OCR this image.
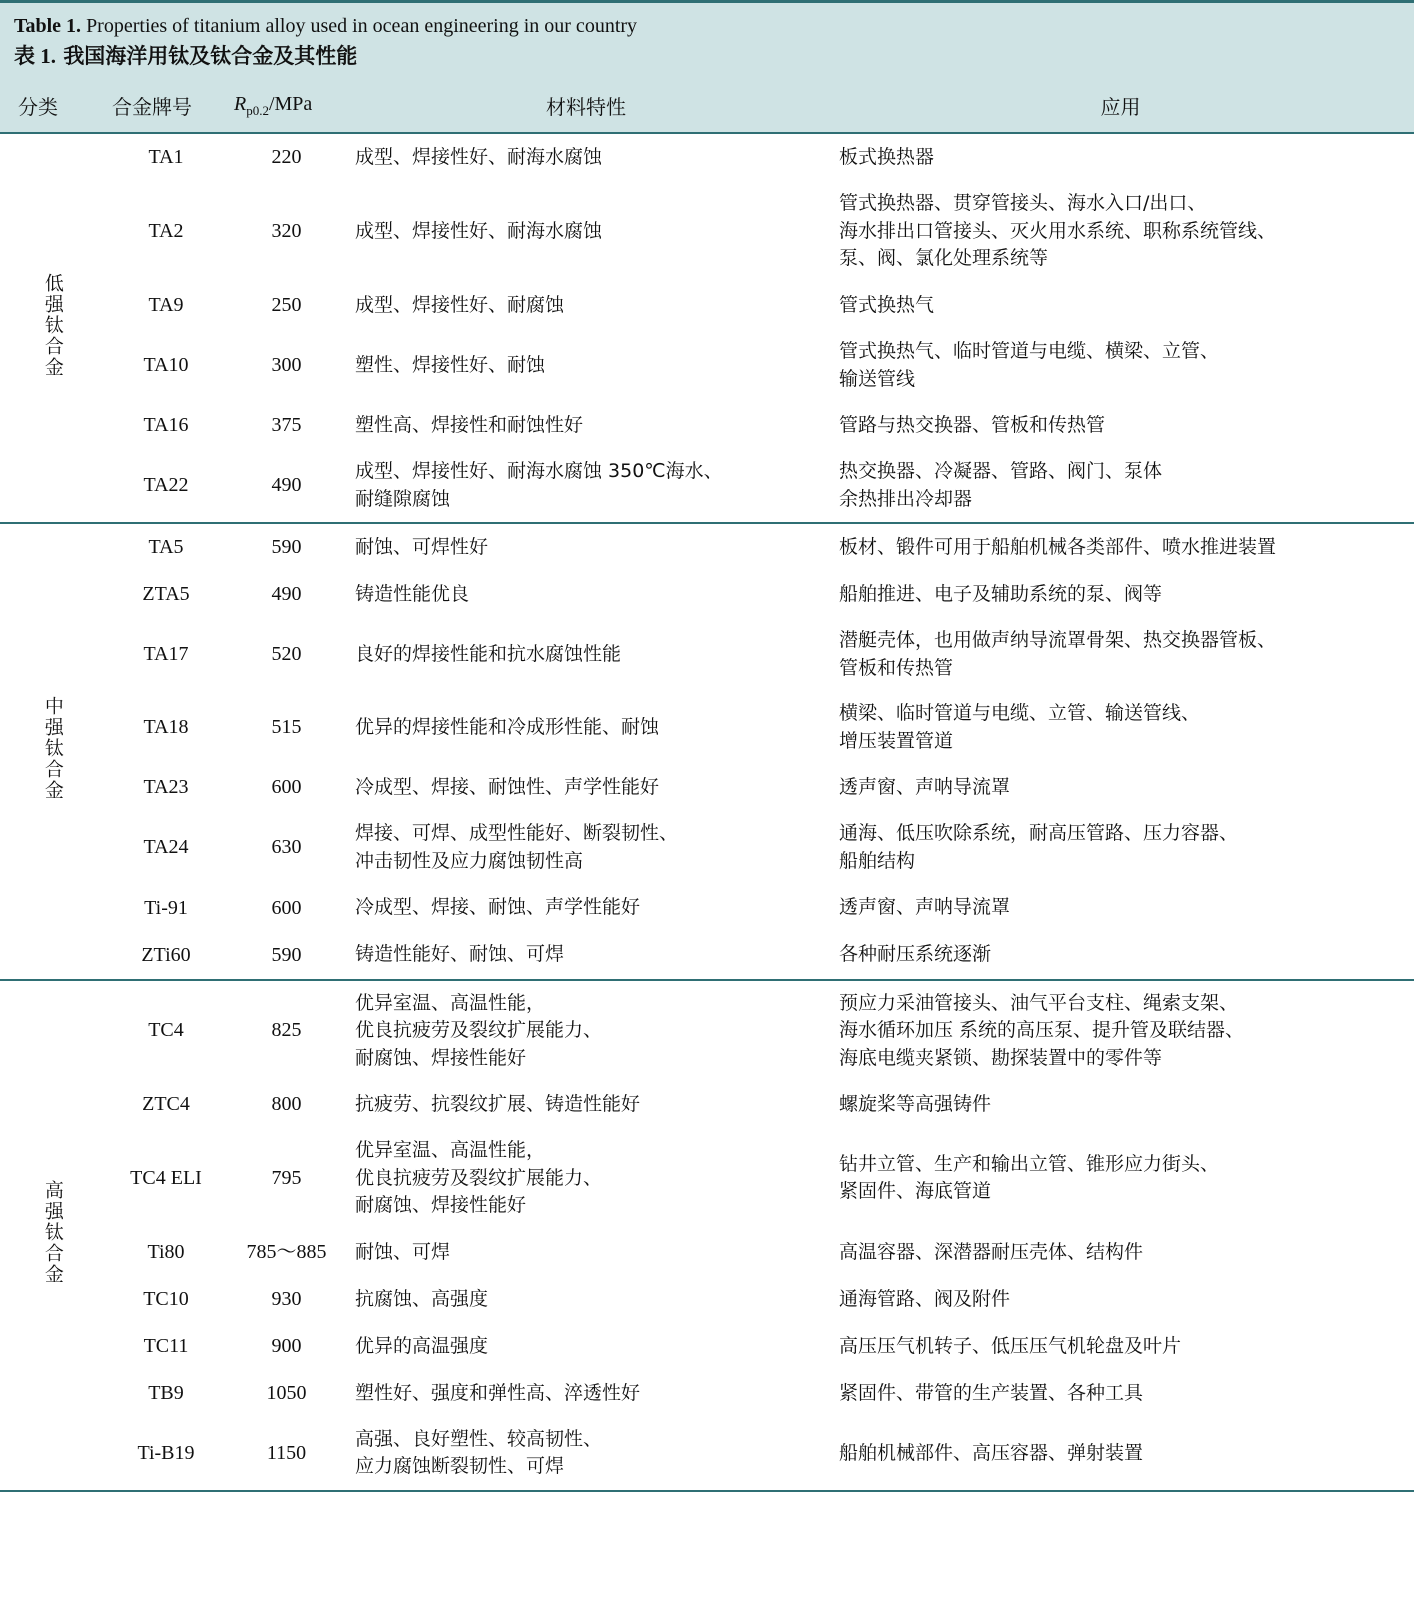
Table 1. Properties of titanium alloy used in ocean engineering in our country
表 1. 我国海洋用钛及钛合金及其性能
分类	合金牌号	$R_{p0.2}$/MPa	材料特性	应用
低强钛合金	TA1	220	成型、焊接性好、耐海水腐蚀	板式换热器

	TA2	320	成型、焊接性好、耐海水腐蚀	管式换热器、贯穿管接头、海水入口/出口、
海水排出口管接头、灭火用水系统、职称系统管线、
泵、阀、氯化处理系统等

	TA9	250	成型、焊接性好、耐腐蚀	管式换热气

	TA10	300	塑性、焊接性好、耐蚀	管式换热气、临时管道与电缆、横梁、立管、
输送管线

	TA16	375	塑性高、焊接性和耐蚀性好	管路与热交换器、管板和传热管

	TA22	490	成型、焊接性好、耐海水腐蚀 350℃海水、
耐缝隙腐蚀	热交换器、冷凝器、管路、阀门、泵体
余热排出冷却器

中强钛合金	TA5	590	耐蚀、可焊性好	板材、锻件可用于船舶机械各类部件、喷水推进装置

	ZTA5	490	铸造性能优良	船舶推进、电子及辅助系统的泵、阀等

	TA17	520	良好的焊接性能和抗水腐蚀性能	潜艇壳体，也用做声纳导流罩骨架、热交换器管板、
管板和传热管

	TA18	515	优异的焊接性能和冷成形性能、耐蚀	横梁、临时管道与电缆、立管、输送管线、
增压装置管道

	TA23	600	冷成型、焊接、耐蚀性、声学性能好	透声窗、声呐导流罩

	TA24	630	焊接、可焊、成型性能好、断裂韧性、
冲击韧性及应力腐蚀韧性高	通海、低压吹除系统，耐高压管路、压力容器、
船舶结构

	Ti-91	600	冷成型、焊接、耐蚀、声学性能好	透声窗、声呐导流罩

	ZTi60	590	铸造性能好、耐蚀、可焊	各种耐压系统逐渐

高强钛合金	TC4	825	优异室温、高温性能，
优良抗疲劳及裂纹扩展能力、
耐腐蚀、焊接性能好	预应力采油管接头、油气平台支柱、绳索支架、
海水循环加压 系统的高压泵、提升管及联结器、
海底电缆夹紧锁、勘探装置中的零件等

	ZTC4	800	抗疲劳、抗裂纹扩展、铸造性能好	螺旋桨等高强铸件

	TC4 ELI	795	优异室温、高温性能，
优良抗疲劳及裂纹扩展能力、
耐腐蚀、焊接性能好	钻井立管、生产和输出立管、锥形应力街头、
紧固件、海底管道

	Ti80	785～885	耐蚀、可焊	高温容器、深潜器耐压壳体、结构件

	TC10	930	抗腐蚀、高强度	通海管路、阀及附件

	TC11	900	优异的高温强度	高压压气机转子、低压压气机轮盘及叶片

	TB9	1050	塑性好、强度和弹性高、淬透性好	紧固件、带管的生产装置、各种工具

	Ti-B19	1150	高强、良好塑性、较高韧性、
应力腐蚀断裂韧性、可焊	船舶机械部件、高压容器、弹射装置
